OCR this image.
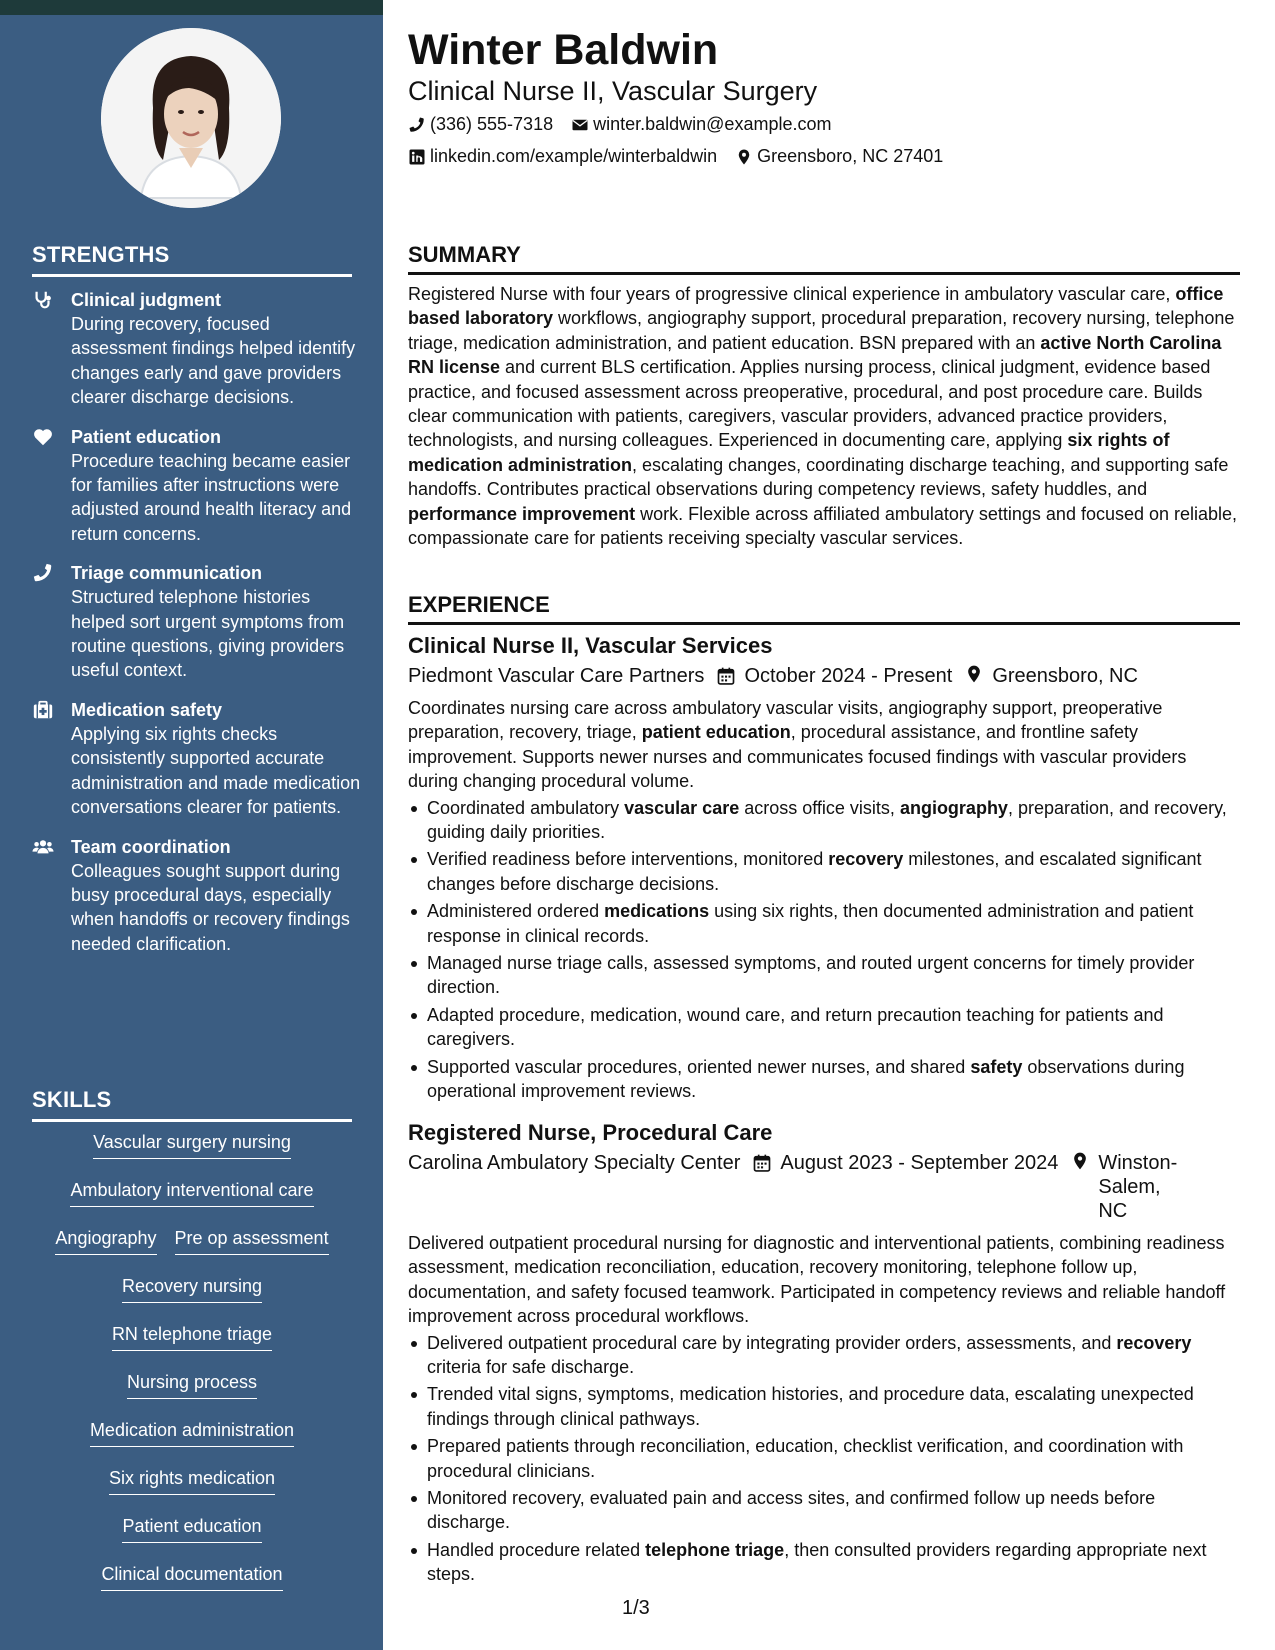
STRENGTHS
Clinical judgment
During recovery, focused assessment findings helped identify changes early and gave providers clearer discharge decisions.
Patient education
Procedure teaching became easier for families after instructions were adjusted around health literacy and return concerns.
Triage communication
Structured telephone histories helped sort urgent symptoms from routine questions, giving providers useful context.
Medication safety
Applying six rights checks consistently supported accurate administration and made medication conversations clearer for patients.
Team coordination
Colleagues sought support during busy procedural days, especially when handoffs or recovery findings needed clarification.
SKILLS
Vascular surgery nursing
Ambulatory interventional care
Angiography Pre op assessment
Recovery nursing
RN telephone triage
Nursing process
Medication administration
Six rights medication
Patient education
Clinical documentation
Winter Baldwin
Clinical Nurse II, Vascular Surgery
(336) 555-7318 winter.baldwin@example.com
linkedin.com/example/winterbaldwin Greensboro, NC 27401
SUMMARY
Registered Nurse with four years of progressive clinical experience in ambulatory vascular care, office based laboratory workflows, angiography support, procedural preparation, recovery nursing, telephone triage, medication administration, and patient education. BSN prepared with an active North Carolina RN license and current BLS certification. Applies nursing process, clinical judgment, evidence based practice, and focused assessment across preoperative, procedural, and post procedure care. Builds clear communication with patients, caregivers, vascular providers, advanced practice providers, technologists, and nursing colleagues. Experienced in documenting care, applying six rights of medication administration, escalating changes, coordinating discharge teaching, and supporting safe handoffs. Contributes practical observations during competency reviews, safety huddles, and performance improvement work. Flexible across affiliated ambulatory settings and focused on reliable, compassionate care for patients receiving specialty vascular services.
EXPERIENCE
Clinical Nurse II, Vascular Services
Piedmont Vascular Care Partners October 2024 - Present Greensboro, NC
Coordinates nursing care across ambulatory vascular visits, angiography support, preoperative preparation, recovery, triage, patient education, procedural assistance, and frontline safety improvement. Supports newer nurses and communicates focused findings with vascular providers during changing procedural volume.
Coordinated ambulatory vascular care across office visits, angiography, preparation, and recovery, guiding daily priorities.
Verified readiness before interventions, monitored recovery milestones, and escalated significant changes before discharge decisions.
Administered ordered medications using six rights, then documented administration and patient response in clinical records.
Managed nurse triage calls, assessed symptoms, and routed urgent concerns for timely provider direction.
Adapted procedure, medication, wound care, and return precaution teaching for patients and caregivers.
Supported vascular procedures, oriented newer nurses, and shared safety observations during operational improvement reviews.
Registered Nurse, Procedural Care
Carolina Ambulatory Specialty Center August 2023 - September 2024 Winston-Salem, NC
Delivered outpatient procedural nursing for diagnostic and interventional patients, combining readiness assessment, medication reconciliation, education, recovery monitoring, telephone follow up, documentation, and safety focused teamwork. Participated in competency reviews and reliable handoff improvement across procedural workflows.
Delivered outpatient procedural care by integrating provider orders, assessments, and recovery criteria for safe discharge.
Trended vital signs, symptoms, medication histories, and procedure data, escalating unexpected findings through clinical pathways.
Prepared patients through reconciliation, education, checklist verification, and coordination with procedural clinicians.
Monitored recovery, evaluated pain and access sites, and confirmed follow up needs before discharge.
Handled procedure related telephone triage, then consulted providers regarding appropriate next steps.
1/3
